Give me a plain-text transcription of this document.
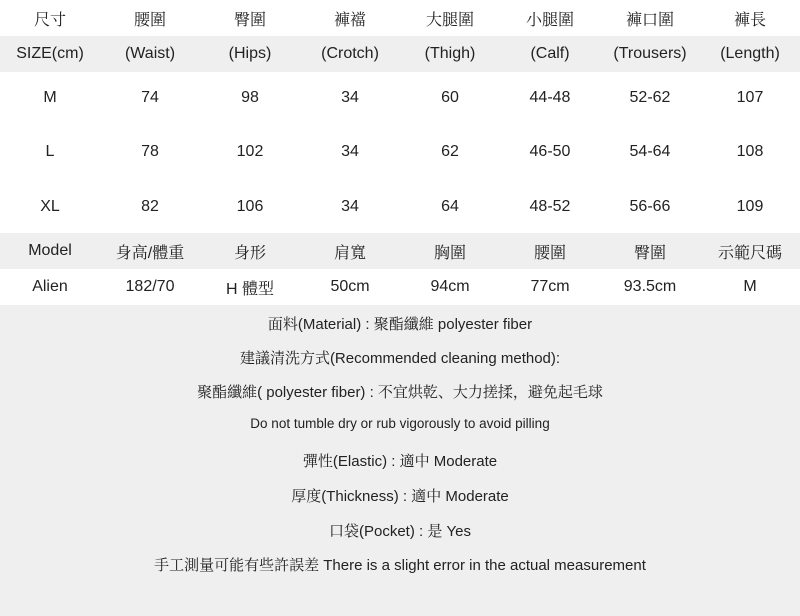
尺寸	腰圍	臀圍	褲襠	大腿圍	小腿圍	褲口圍	褲長
SIZE(cm)	(Waist)	(Hips)	(Crotch)	(Thigh)	(Calf)	(Trousers)	(Length)
M	74	98	34	60	44-48	52-62	107
L	78	102	34	62	46-50	54-64	108
XL	82	106	34	64	48-52	56-66	109
Model	身高/體重	身形	肩寬	胸圍	腰圍	臀圍	示範尺碼
Alien	182/70	H 體型	50cm	94cm	77cm	93.5cm	M
面料(Material) : 聚酯纖維 polyester fiber
建議清洗方式(Recommended cleaning method):
聚酯纖維( polyester fiber) : 不宜烘乾、大力搓揉，避免起毛球
Do not tumble dry or rub vigorously to avoid pilling
彈性(Elastic) : 適中 Moderate
厚度(Thickness) : 適中 Moderate
口袋(Pocket) : 是 Yes
手工測量可能有些許誤差 There is a slight error in the actual measurement
